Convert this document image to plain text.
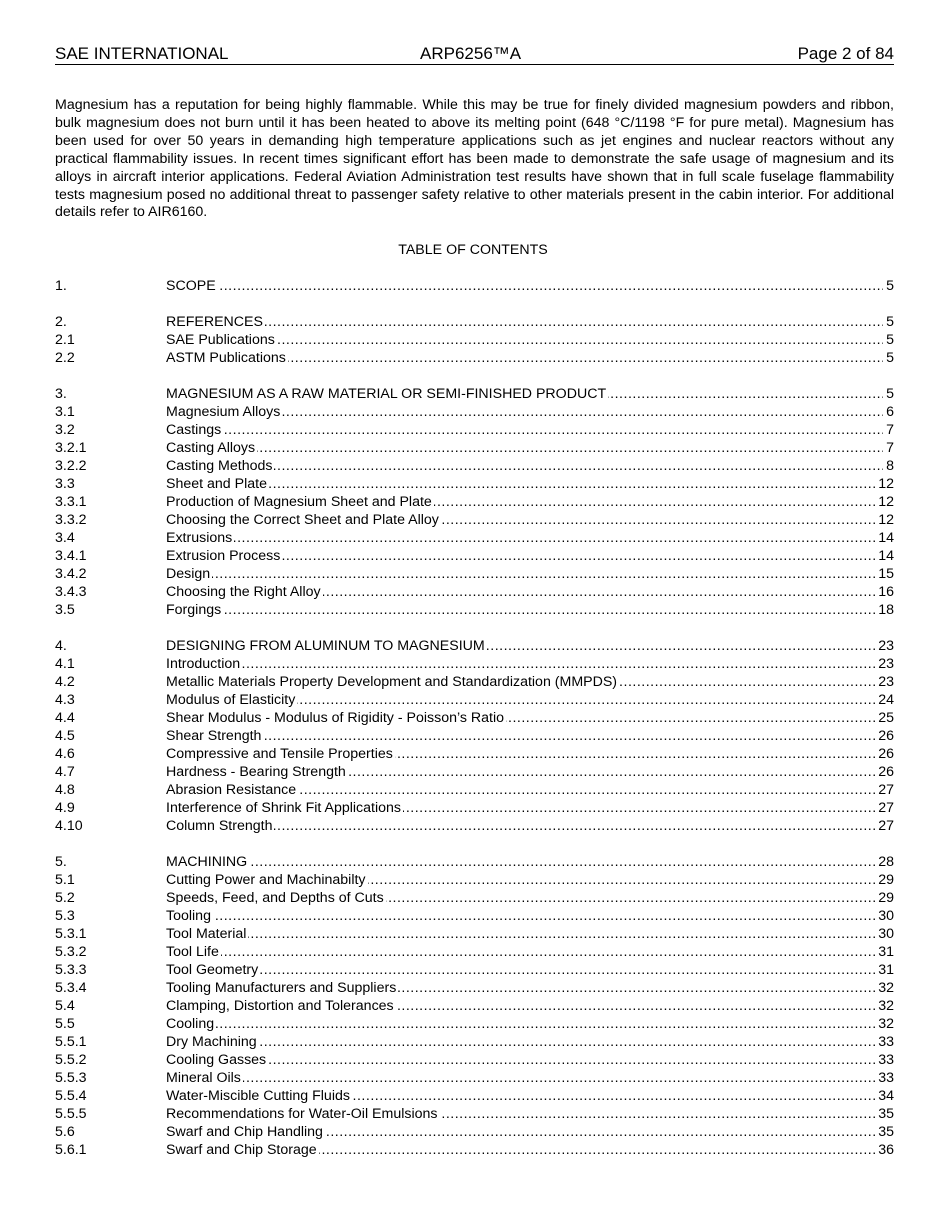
SAE INTERNATIONAL	ARP6256™A	Page 2 of 84

Magnesium has a reputation for being highly flammable. While this may be true for finely divided magnesium powders and ribbon, bulk magnesium does not burn until it has been heated to above its melting point (648 °C/1198 °F for pure metal). Magnesium has been used for over 50 years in demanding high temperature applications such as jet engines and nuclear reactors without any practical flammability issues. In recent times significant effort has been made to demonstrate the safe usage of magnesium and its alloys in aircraft interior applications. Federal Aviation Administration test results have shown that in full scale fuselage flammability tests magnesium posed no additional threat to passenger safety relative to other materials present in the cabin interior. For additional details refer to AIR6160.

TABLE OF CONTENTS
1.	SCOPE	5
.....
2.	REFERENCES	5
.....
2.1	SAE Publications	5
.....
2.2	ASTM Publications	5
.....
3.	MAGNESIUM AS A RAW MATERIAL OR SEMI-FINISHED PRODUCT	5
.....
3.1	Magnesium Alloys	6
.....
3.2	Castings	7
.....
3.2.1	Casting Alloys	7
.....
3.2.2	Casting Methods	8
.....
3.3	Sheet and Plate	12
.....
3.3.1	Production of Magnesium Sheet and Plate	12
.....
3.3.2	Choosing the Correct Sheet and Plate Alloy	12
.....
3.4	Extrusions	14
.....
3.4.1	Extrusion Process	14
.....
3.4.2	Design	15
.....
3.4.3	Choosing the Right Alloy	16
.....
3.5	Forgings	18
.....
4.	DESIGNING FROM ALUMINUM TO MAGNESIUM	23
.....
4.1	Introduction	23
.....
4.2	Metallic Materials Property Development and Standardization (MMPDS)	23
.....
4.3	Modulus of Elasticity	24
.....
4.4	Shear Modulus - Modulus of Rigidity - Poisson’s Ratio	25
.....
4.5	Shear Strength	26
.....
4.6	Compressive and Tensile Properties	26
.....
4.7	Hardness - Bearing Strength	26
.....
4.8	Abrasion Resistance	27
.....
4.9	Interference of Shrink Fit Applications	27
.....
4.10	Column Strength	27
.....
5.	MACHINING	28
.....
5.1	Cutting Power and Machinabilty	29
.....
5.2	Speeds, Feed, and Depths of Cuts	29
.....
5.3	Tooling	30
.....
5.3.1	Tool Material	30
.....
5.3.2	Tool Life	31
.....
5.3.3	Tool Geometry	31
.....
5.3.4	Tooling Manufacturers and Suppliers	32
.....
5.4	Clamping, Distortion and Tolerances	32
.....
5.5	Cooling	32
.....
5.5.1	Dry Machining	33
.....
5.5.2	Cooling Gasses	33
.....
5.5.3	Mineral Oils	33
.....
5.5.4	Water-Miscible Cutting Fluids	34
.....
5.5.5	Recommendations for Water-Oil Emulsions	35
.....
5.6	Swarf and Chip Handling	35
.....
5.6.1	Swarf and Chip Storage	36
.....
